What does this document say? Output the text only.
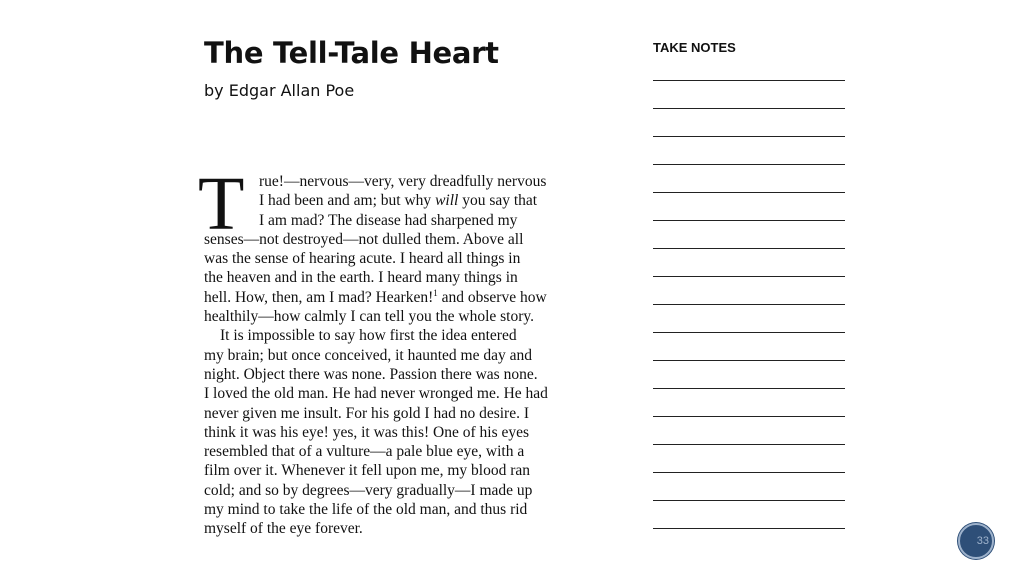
The Tell-Tale Heart
by Edgar Allan Poe
T rue!—nervous—very, very dreadfully nervous
I had been and am; but why will you say that
I am mad? The disease had sharpened my
senses—not destroyed—not dulled them. Above all
was the sense of hearing acute. I heard all things in
the heaven and in the earth. I heard many things in
hell. How, then, am I mad? Hearken!$^1$ and observe how
healthily—how calmly I can tell you the whole story.
It is impossible to say how first the idea entered
my brain; but once conceived, it haunted me day and
night. Object there was none. Passion there was none.
I loved the old man. He had never wronged me. He had
never given me insult. For his gold I had no desire. I
think it was his eye! yes, it was this! One of his eyes
resembled that of a vulture—a pale blue eye, with a
film over it. Whenever it fell upon me, my blood ran
cold; and so by degrees—very gradually—I made up
my mind to take the life of the old man, and thus rid
myself of the eye forever.
TAKE NOTES
33
